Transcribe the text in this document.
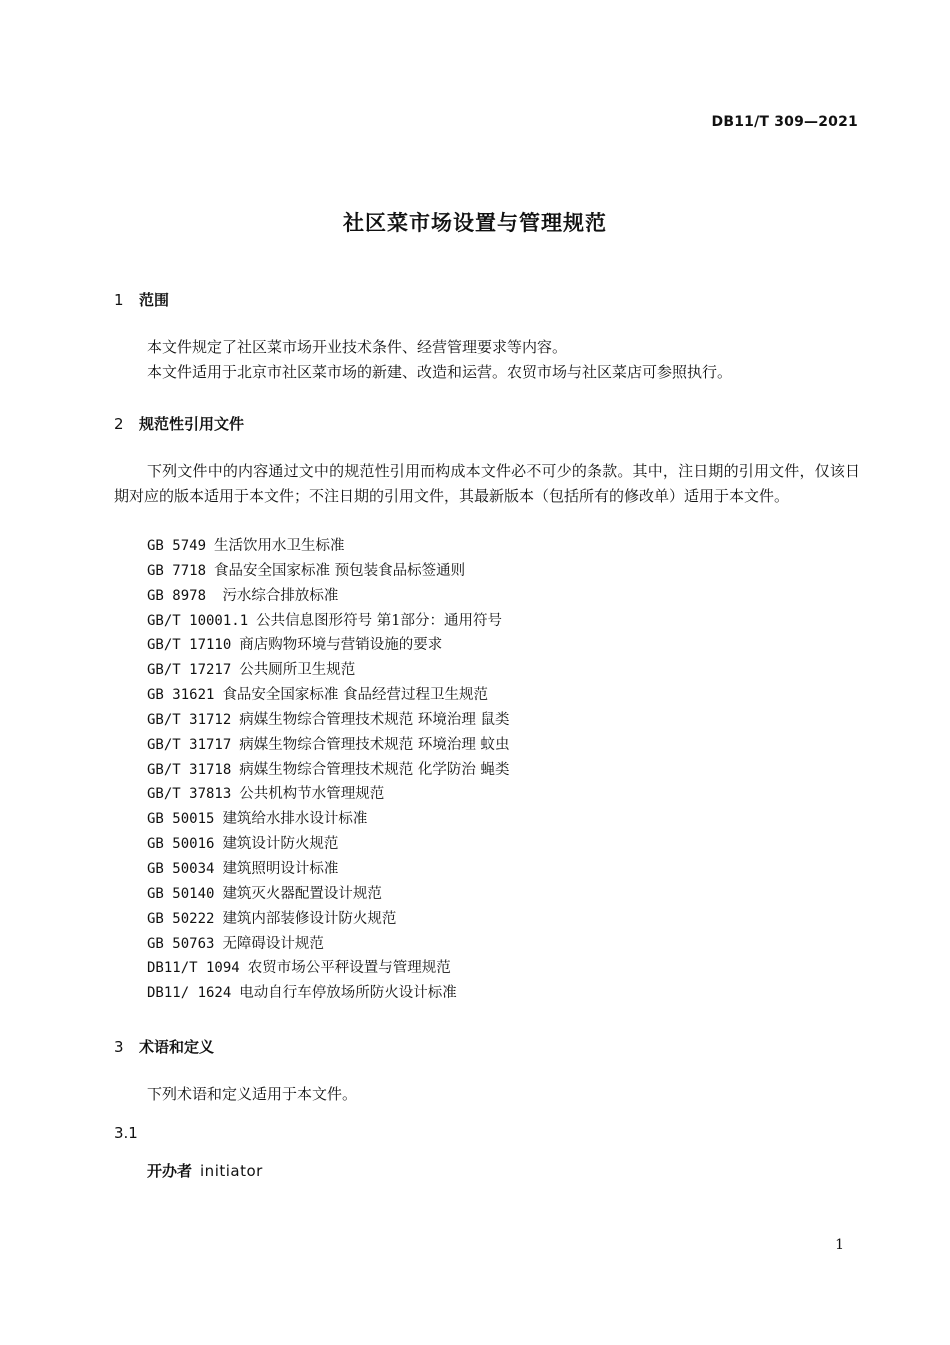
DB11/T 309—2021
社区菜市场设置与管理规范
1 范围
本文件规定了社区菜市场开业技术条件、经营管理要求等内容。
本文件适用于北京市社区菜市场的新建、改造和运营。农贸市场与社区菜店可参照执行。
2 规范性引用文件
下列文件中的内容通过文中的规范性引用而构成本文件必不可少的条款。其中，注日期的引用文件，仅该日期对应的版本适用于本文件；不注日期的引用文件，其最新版本（包括所有的修改单）适用于本文件。
GB 5749 生活饮用水卫生标准
GB 7718 食品安全国家标准 预包装食品标签通则
GB 8978 污水综合排放标准
GB/T 10001.1 公共信息图形符号 第1部分：通用符号
GB/T 17110 商店购物环境与营销设施的要求
GB/T 17217 公共厕所卫生规范
GB 31621 食品安全国家标准 食品经营过程卫生规范
GB/T 31712 病媒生物综合管理技术规范 环境治理 鼠类
GB/T 31717 病媒生物综合管理技术规范 环境治理 蚊虫
GB/T 31718 病媒生物综合管理技术规范 化学防治 蝇类
GB/T 37813 公共机构节水管理规范
GB 50015 建筑给水排水设计标准
GB 50016 建筑设计防火规范
GB 50034 建筑照明设计标准
GB 50140 建筑灭火器配置设计规范
GB 50222 建筑内部装修设计防火规范
GB 50763 无障碍设计规范
DB11/T 1094 农贸市场公平秤设置与管理规范
DB11/ 1624 电动自行车停放场所防火设计标准
3 术语和定义
下列术语和定义适用于本文件。
3.1
开办者 initiator
1
